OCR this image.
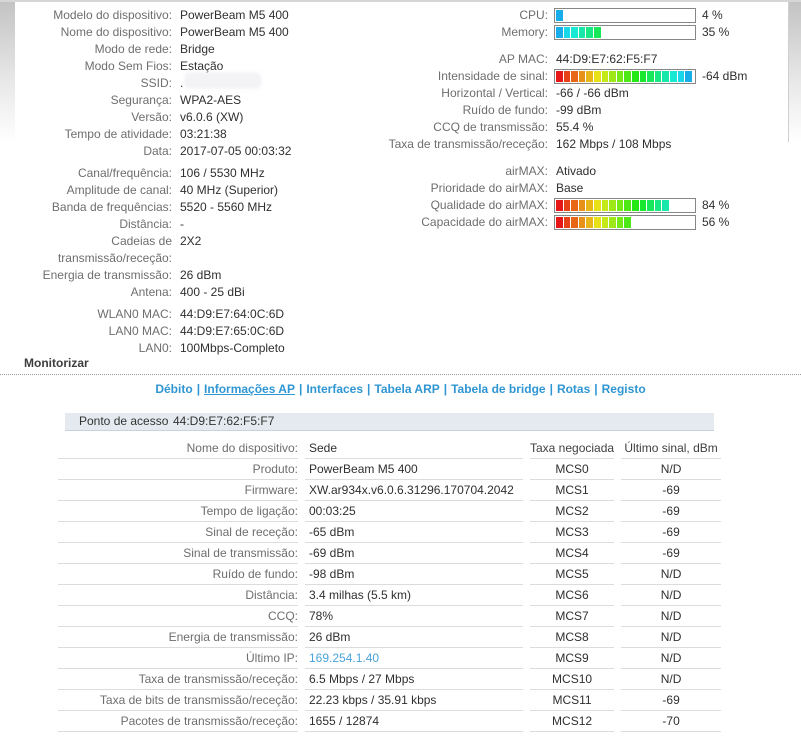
Modelo do dispositivo: PowerBeam M5 400
Nome do dispositivo: PowerBeam M5 400
Modo de rede: Bridge
Modo Sem Fios: Estação
SSID: .
Segurança: WPA2-AES
Versão: v6.0.6 (XW)
Tempo de atividade: 03:21:38
Data: 2017-07-05 00:03:32
Canal/frequência: 106 / 5530 MHz
Amplitude de canal: 40 MHz (Superior)
Banda de frequências: 5520 - 5560 MHz
Distância: -
Cadeias de transmissão/receção:
2X2
Energia de transmissão: 26 dBm
Antena: 400 - 25 dBi
WLAN0 MAC: 44:D9:E7:64:0C:6D
LAN0 MAC: 44:D9:E7:65:0C:6D
LAN0: 100Mbps-Completo
CPU:	4 %
Memory:	35 %
AP MAC: 44:D9:E7:62:F5:F7
Intensidade de sinal:	-64 dBm
Horizontal / Vertical: -66 / -66 dBm
Ruído de fundo: -99 dBm
CCQ de transmissão: 55.4 %
Taxa de transmissão/receção: 162 Mbps / 108 Mbps
airMAX: Ativado
Prioridade do airMAX: Base
Qualidade do airMAX:	84 %
Capacidade do airMAX:	56 %
Monitorizar
Débito | Informações AP | Interfaces | Tabela ARP | Tabela de bridge | Rotas | Registo
Ponto de acesso 44:D9:E7:62:F5:F7
Nome do dispositivo:	Sede	Taxa negociada	Último sinal, dBm
Produto:	PowerBeam M5 400	MCS0	N/D
Firmware:	XW.ar934x.v6.0.6.31296.170704.2042	MCS1	-69
Tempo de ligação:	00:03:25	MCS2	-69
Sinal de receção:	-65 dBm	MCS3	-69
Sinal de transmissão:	-69 dBm	MCS4	-69
Ruído de fundo:	-98 dBm	MCS5	N/D
Distância:	3.4 milhas (5.5 km)	MCS6	N/D
CCQ:	78%	MCS7	N/D
Energia de transmissão:	26 dBm	MCS8	N/D
Último IP:	169.254.1.40	MCS9	N/D
Taxa de transmissão/receção:	6.5 Mbps / 27 Mbps	MCS10	N/D
Taxa de bits de transmissão/receção:	22.23 kbps / 35.91 kbps	MCS11	-69
Pacotes de transmissão/receção:	1655 / 12874	MCS12	-70
